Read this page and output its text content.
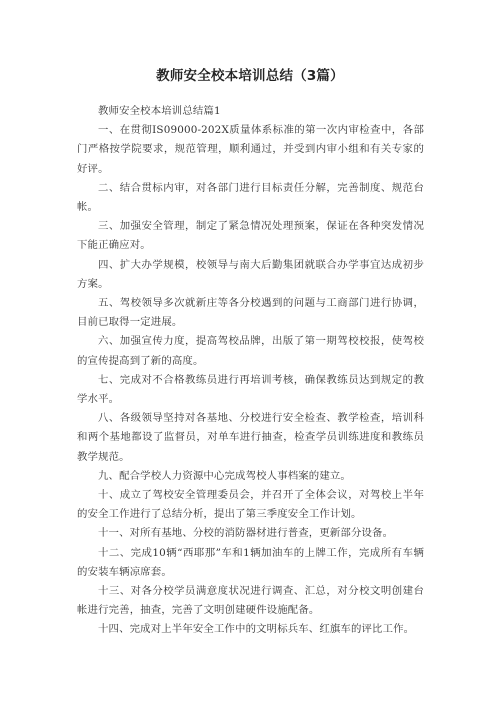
教师安全校本培训总结（3篇）

教师安全校本培训总结篇1

一、在贯彻IS09000-202X质量体系标准的第一次内审检查中，各部门严格按学院要求，规范管理，顺利通过，并受到内审小组和有关专家的好评。

二、结合贯标内审，对各部门进行目标责任分解，完善制度、规范台帐。

三、加强安全管理，制定了紧急情况处理预案，保证在各种突发情况下能正确应对。

四、扩大办学规模，校领导与南大后勤集团就联合办学事宜达成初步方案。

五、驾校领导多次就新庄等各分校遇到的问题与工商部门进行协调，目前已取得一定进展。

六、加强宣传力度，提高驾校品牌，出版了第一期驾校校报，使驾校的宣传提高到了新的高度。

七、完成对不合格教练员进行再培训考核，确保教练员达到规定的教学水平。

八、各级领导坚持对各基地、分校进行安全检查、教学检查，培训科和两个基地都设了监督员，对单车进行抽查，检查学员训练进度和教练员教学规范。

九、配合学校人力资源中心完成驾校人事档案的建立。

十、成立了驾校安全管理委员会，并召开了全体会议，对驾校上半年的安全工作进行了总结分析，提出了第三季度安全工作计划。

十一、对所有基地、分校的消防器材进行普查，更新部分设备。

十二、完成10辆“西耶那”车和1辆加油车的上牌工作，完成所有车辆的安装车辆凉席套。

十三、对各分校学员满意度状况进行调查、汇总，对分校文明创建台帐进行完善，抽查，完善了文明创建硬件设施配备。

十四、完成对上半年安全工作中的文明标兵车、红旗车的评比工作。
